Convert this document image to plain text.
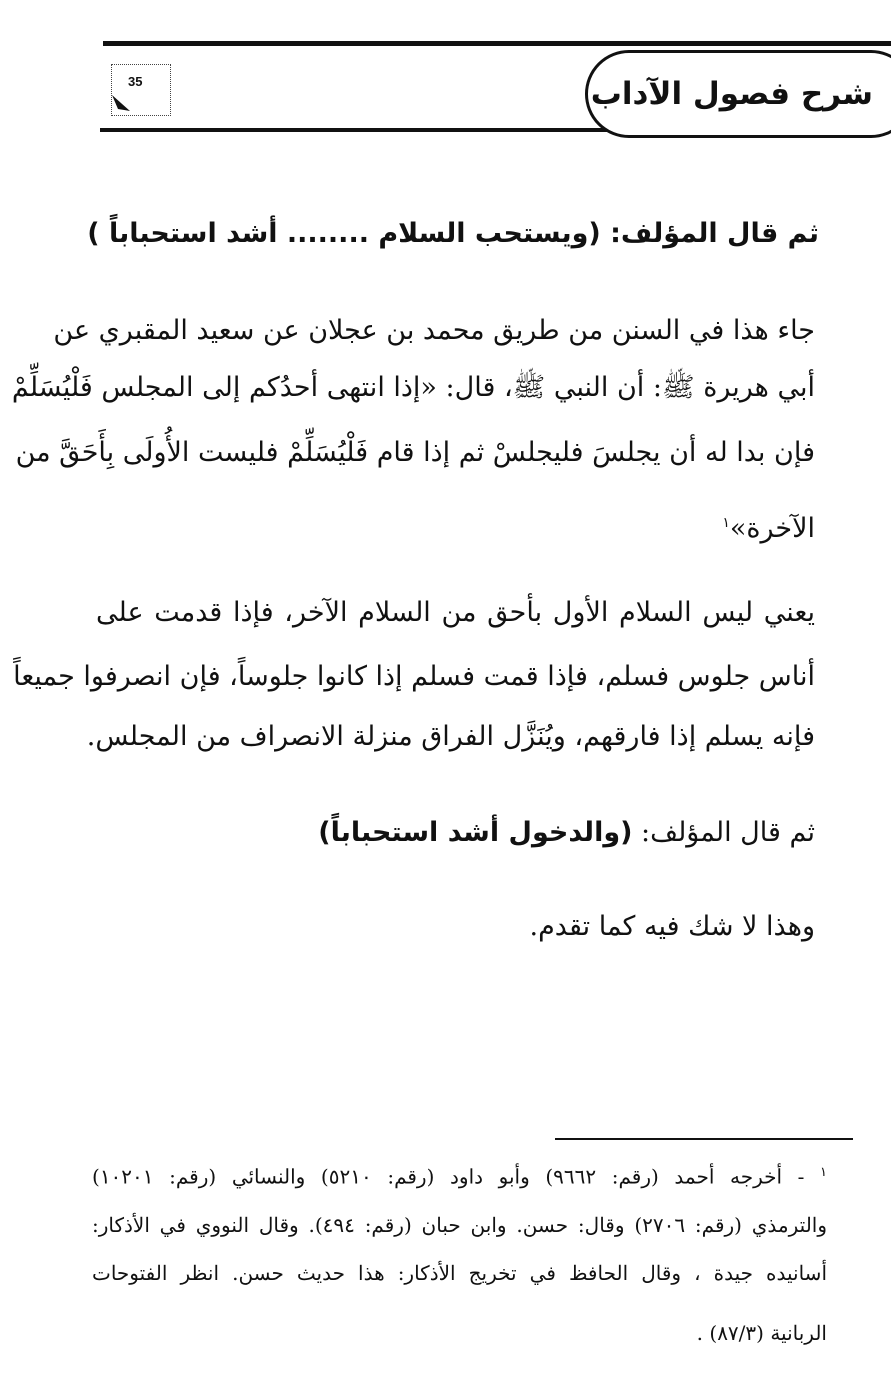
شرح فصول الآداب
35
ثم قال المؤلف: (ويستحب السلام ........ أشد استحباباً )
جاء هذا في السنن من طريق محمد بن عجلان عن سعيد المقبري عن
أبي هريرة ﷺ: أن النبي ﷺ، قال: «إذا انتهى أحدُكم إلى المجلس فَلْيُسَلِّمْ
فإن بدا له أن يجلسَ فليجلسْ ثم إذا قام فَلْيُسَلِّمْ فليست الأُولَى بِأَحَقَّ من
الآخرة»$^١$
يعني ليس السلام الأول بأحق من السلام الآخر، فإذا قدمت على
أناس جلوس فسلم، فإذا قمت فسلم إذا كانوا جلوساً، فإن انصرفوا جميعاً
فإنه يسلم إذا فارقهم، ويُنَزَّل الفراق منزلة الانصراف من المجلس.
ثم قال المؤلف: (والدخول أشد استحباباً)
وهذا لا شك فيه كما تقدم.
$^١$ - أخرجه أحمد (رقم: ٩٦٦٢) وأبو داود (رقم: ٥٢١٠) والنسائي (رقم: ١٠٢٠١)
والترمذي (رقم: ٢٧٠٦) وقال: حسن. وابن حبان (رقم: ٤٩٤). وقال النووي في الأذكار:
أسانيده جيدة ، وقال الحافظ في تخريج الأذكار: هذا حديث حسن. انظر الفتوحات
الربانية (٨٧/٣) .
